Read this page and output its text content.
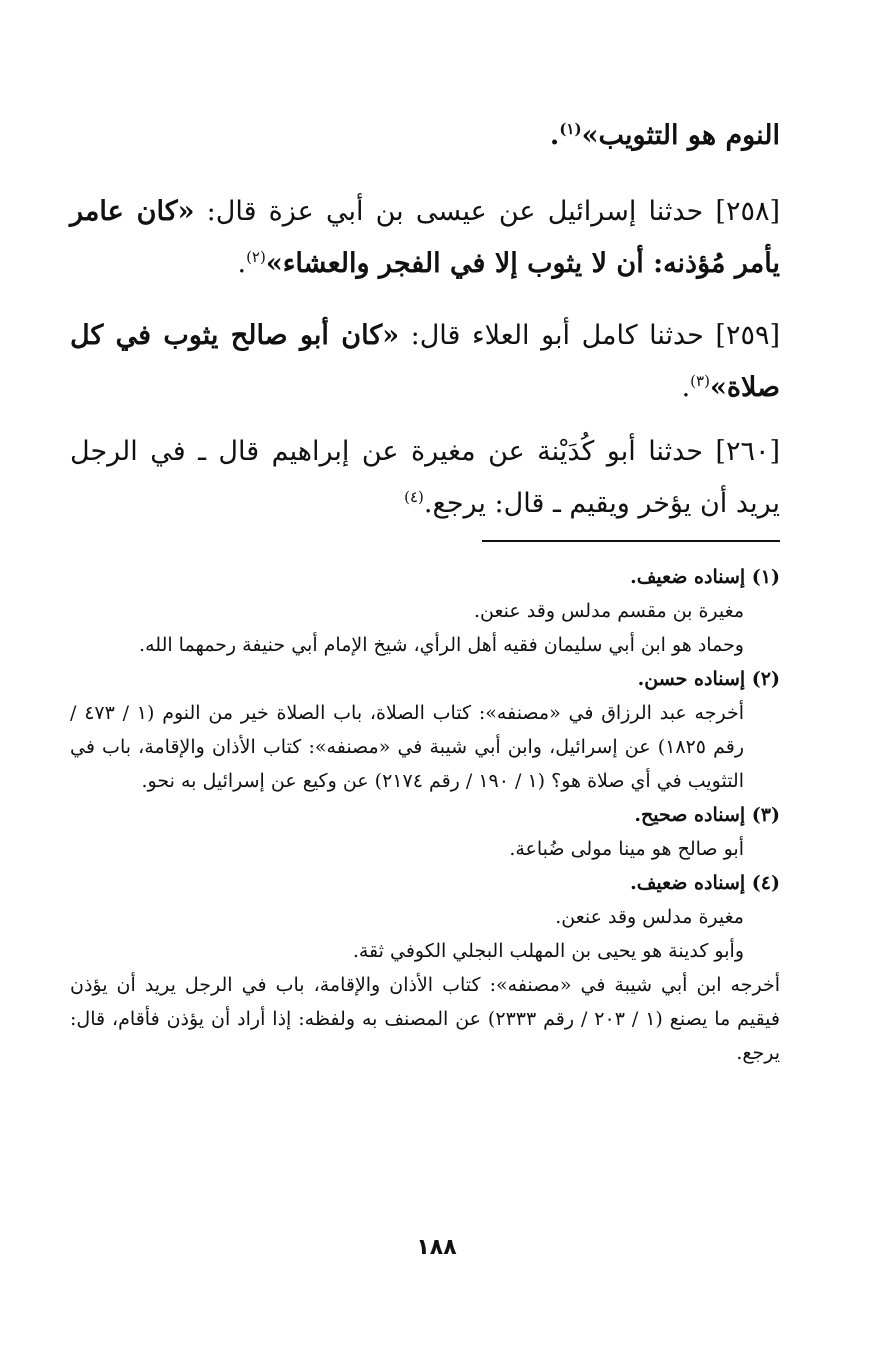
النوم هو التثويب»$^{(١)}$.

[٢٥٨] حدثنا إسرائيل عن عيسى بن أبي عزة قال: «كان عامر يأمر مُؤذنه: أن لا يثوب إلا في الفجر والعشاء»$^{(٢)}$.

[٢٥٩] حدثنا كامل أبو العلاء قال: «كان أبو صالح يثوب في كل صلاة»$^{(٣)}$.

[٢٦٠] حدثنا أبو كُدَيْنة عن مغيرة عن إبراهيم قال ـ في الرجل يريد أن يؤخر ويقيم ـ قال: يرجع.$^{(٤)}$

(١) إسناده ضعيف.
مغيرة بن مقسم مدلس وقد عنعن.
وحماد هو ابن أبي سليمان فقيه أهل الرأي، شيخ الإمام أبي حنيفة رحمهما الله.
(٢) إسناده حسن.
أخرجه عبد الرزاق في «مصنفه»: كتاب الصلاة، باب الصلاة خير من النوم (١ / ٤٧٣ / رقم ١٨٢٥) عن إسرائيل، وابن أبي شيبة في «مصنفه»: كتاب الأذان والإقامة، باب في التثويب في أي صلاة هو؟ (١ / ١٩٠ / رقم ٢١٧٤) عن وكيع عن إسرائيل به نحو.
(٣) إسناده صحيح.
أبو صالح هو مينا مولى ضُباعة.
(٤) إسناده ضعيف.
مغيرة مدلس وقد عنعن.
وأبو كدينة هو يحيى بن المهلب البجلي الكوفي ثقة.
أخرجه ابن أبي شيبة في «مصنفه»: كتاب الأذان والإقامة، باب في الرجل يريد أن يؤذن فيقيم ما يصنع (١ / ٢٠٣ / رقم ٢٣٣٣) عن المصنف به ولفظه: إذا أراد أن يؤذن فأقام، قال: يرجع.
١٨٨
